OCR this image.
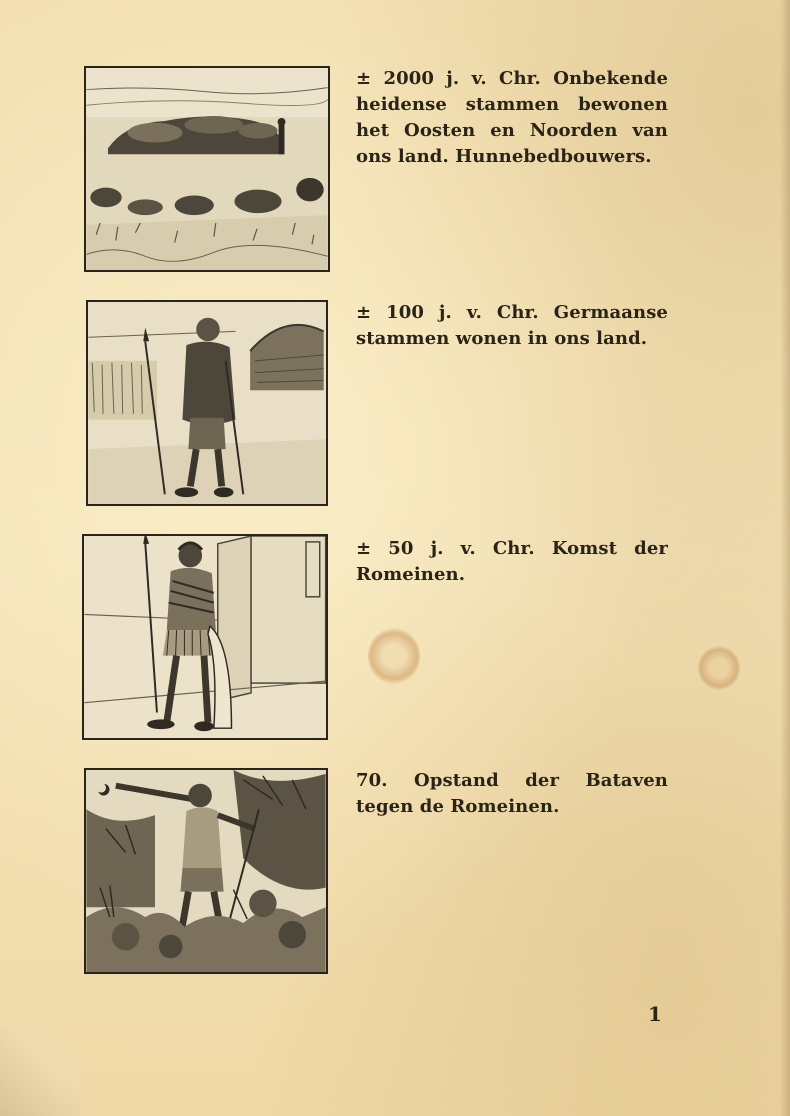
± 2000 j. v. Chr. Onbekende heidense stammen bewonen het Oosten en Noorden van ons land. Hunnebedbouwers.
± 100 j. v. Chr. Germaanse stammen wonen in ons land.
± 50 j. v. Chr. Komst der Romeinen.
70. Opstand der Bataven tegen de Romeinen.
1
